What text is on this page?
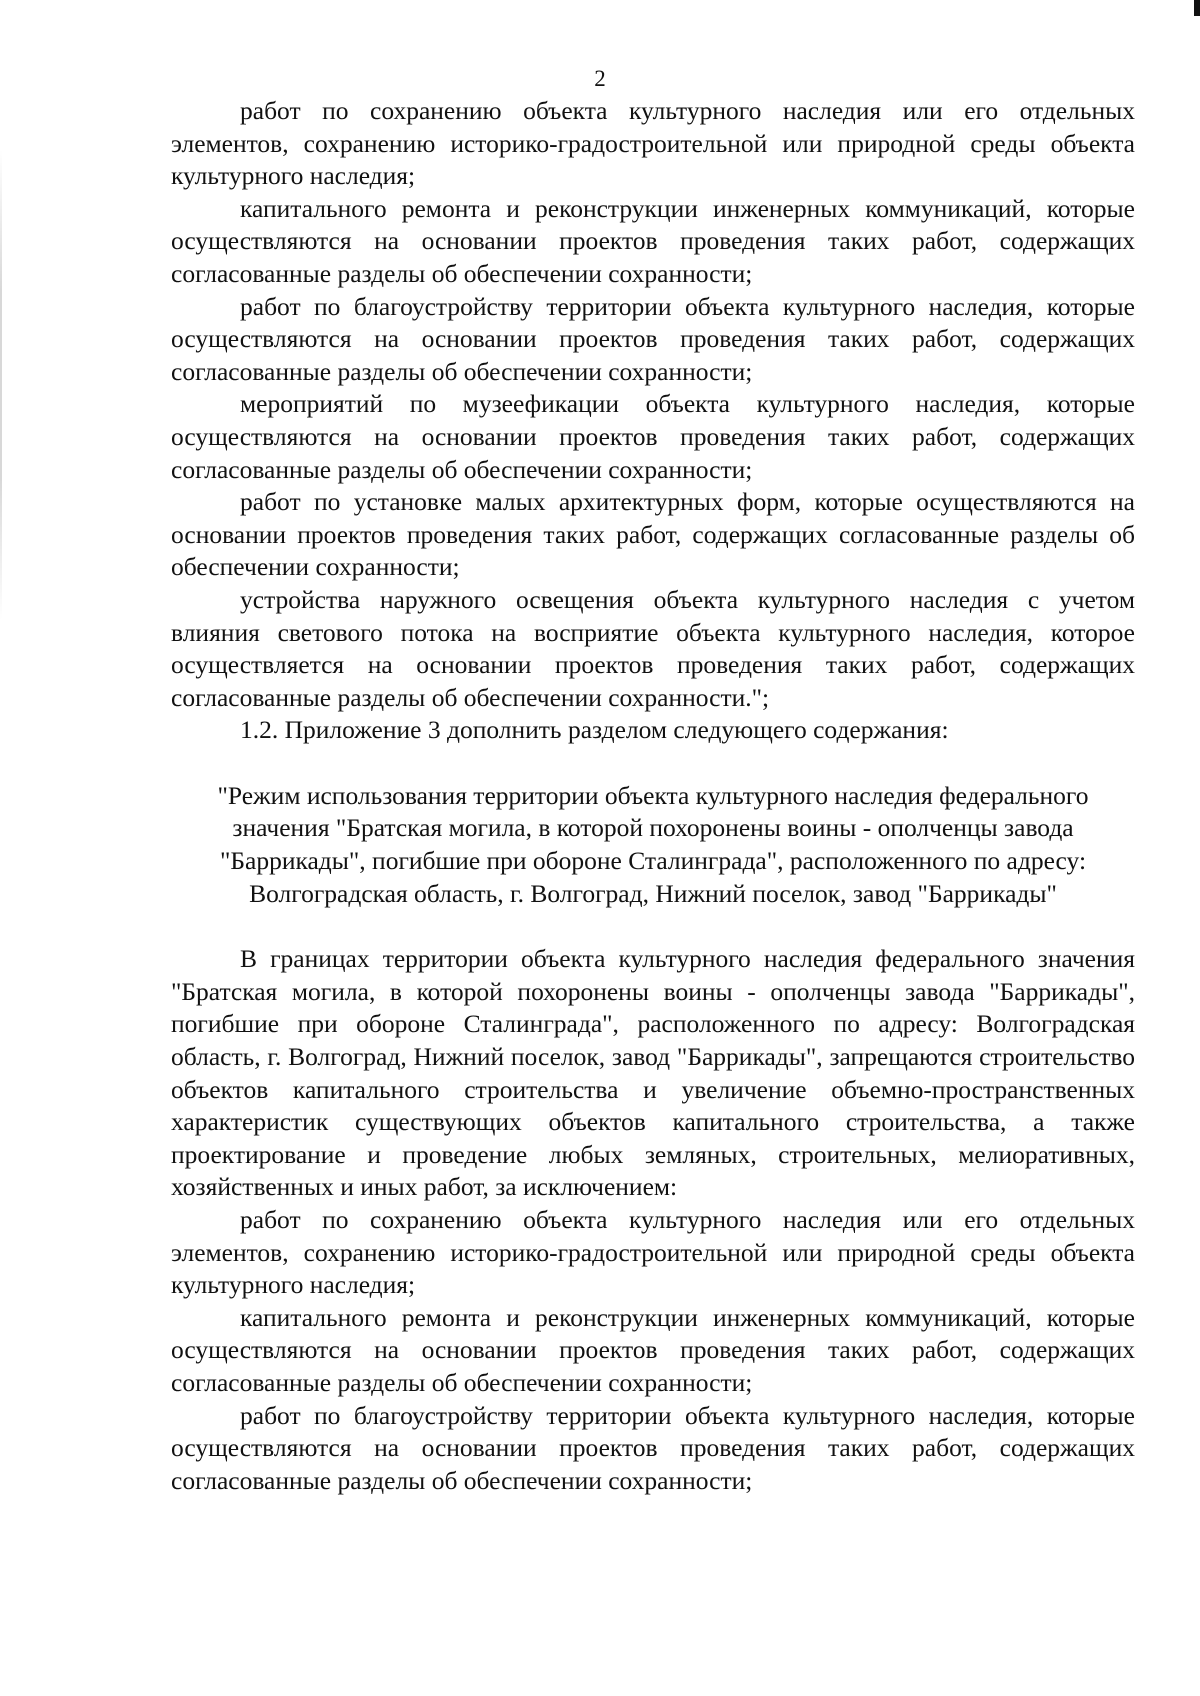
2

работ по сохранению объекта культурного наследия или его отдельных элементов, сохранению историко-градостроительной или природной среды объекта культурного наследия;

капитального ремонта и реконструкции инженерных коммуникаций, которые осуществляются на основании проектов проведения таких работ, содержащих согласованные разделы об обеспечении сохранности;

работ по благоустройству территории объекта культурного наследия, которые осуществляются на основании проектов проведения таких работ, содержащих согласованные разделы об обеспечении сохранности;

мероприятий по музеефикации объекта культурного наследия, которые осуществляются на основании проектов проведения таких работ, содержащих согласованные разделы об обеспечении сохранности;

работ по установке малых архитектурных форм, которые осуществляются на основании проектов проведения таких работ, содержащих согласованные разделы об обеспечении сохранности;

устройства наружного освещения объекта культурного наследия с учетом влияния светового потока на восприятие объекта культурного наследия, которое осуществляется на основании проектов проведения таких работ, содержащих согласованные разделы об обеспечении сохранности.";

1.2. Приложение 3 дополнить разделом следующего содержания:

"Режим использования территории объекта культурного наследия федерального значения "Братская могила, в которой похоронены воины - ополченцы завода "Баррикады", погибшие при обороне Сталинграда", расположенного по адресу: Волгоградская область, г. Волгоград, Нижний поселок, завод "Баррикады"

В границах территории объекта культурного наследия федерального значения "Братская могила, в которой похоронены воины - ополченцы завода "Баррикады", погибшие при обороне Сталинграда", расположенного по адресу: Волгоградская область, г. Волгоград, Нижний поселок, завод "Баррикады", запрещаются строительство объектов капитального строительства и увеличение объемно-пространственных характеристик существующих объектов капитального строительства, а также проектирование и проведение любых земляных, строительных, мелиоративных, хозяйственных и иных работ, за исключением:

работ по сохранению объекта культурного наследия или его отдельных элементов, сохранению историко-градостроительной или природной среды объекта культурного наследия;

капитального ремонта и реконструкции инженерных коммуникаций, которые осуществляются на основании проектов проведения таких работ, содержащих согласованные разделы об обеспечении сохранности;

работ по благоустройству территории объекта культурного наследия, которые осуществляются на основании проектов проведения таких работ, содержащих согласованные разделы об обеспечении сохранности;
